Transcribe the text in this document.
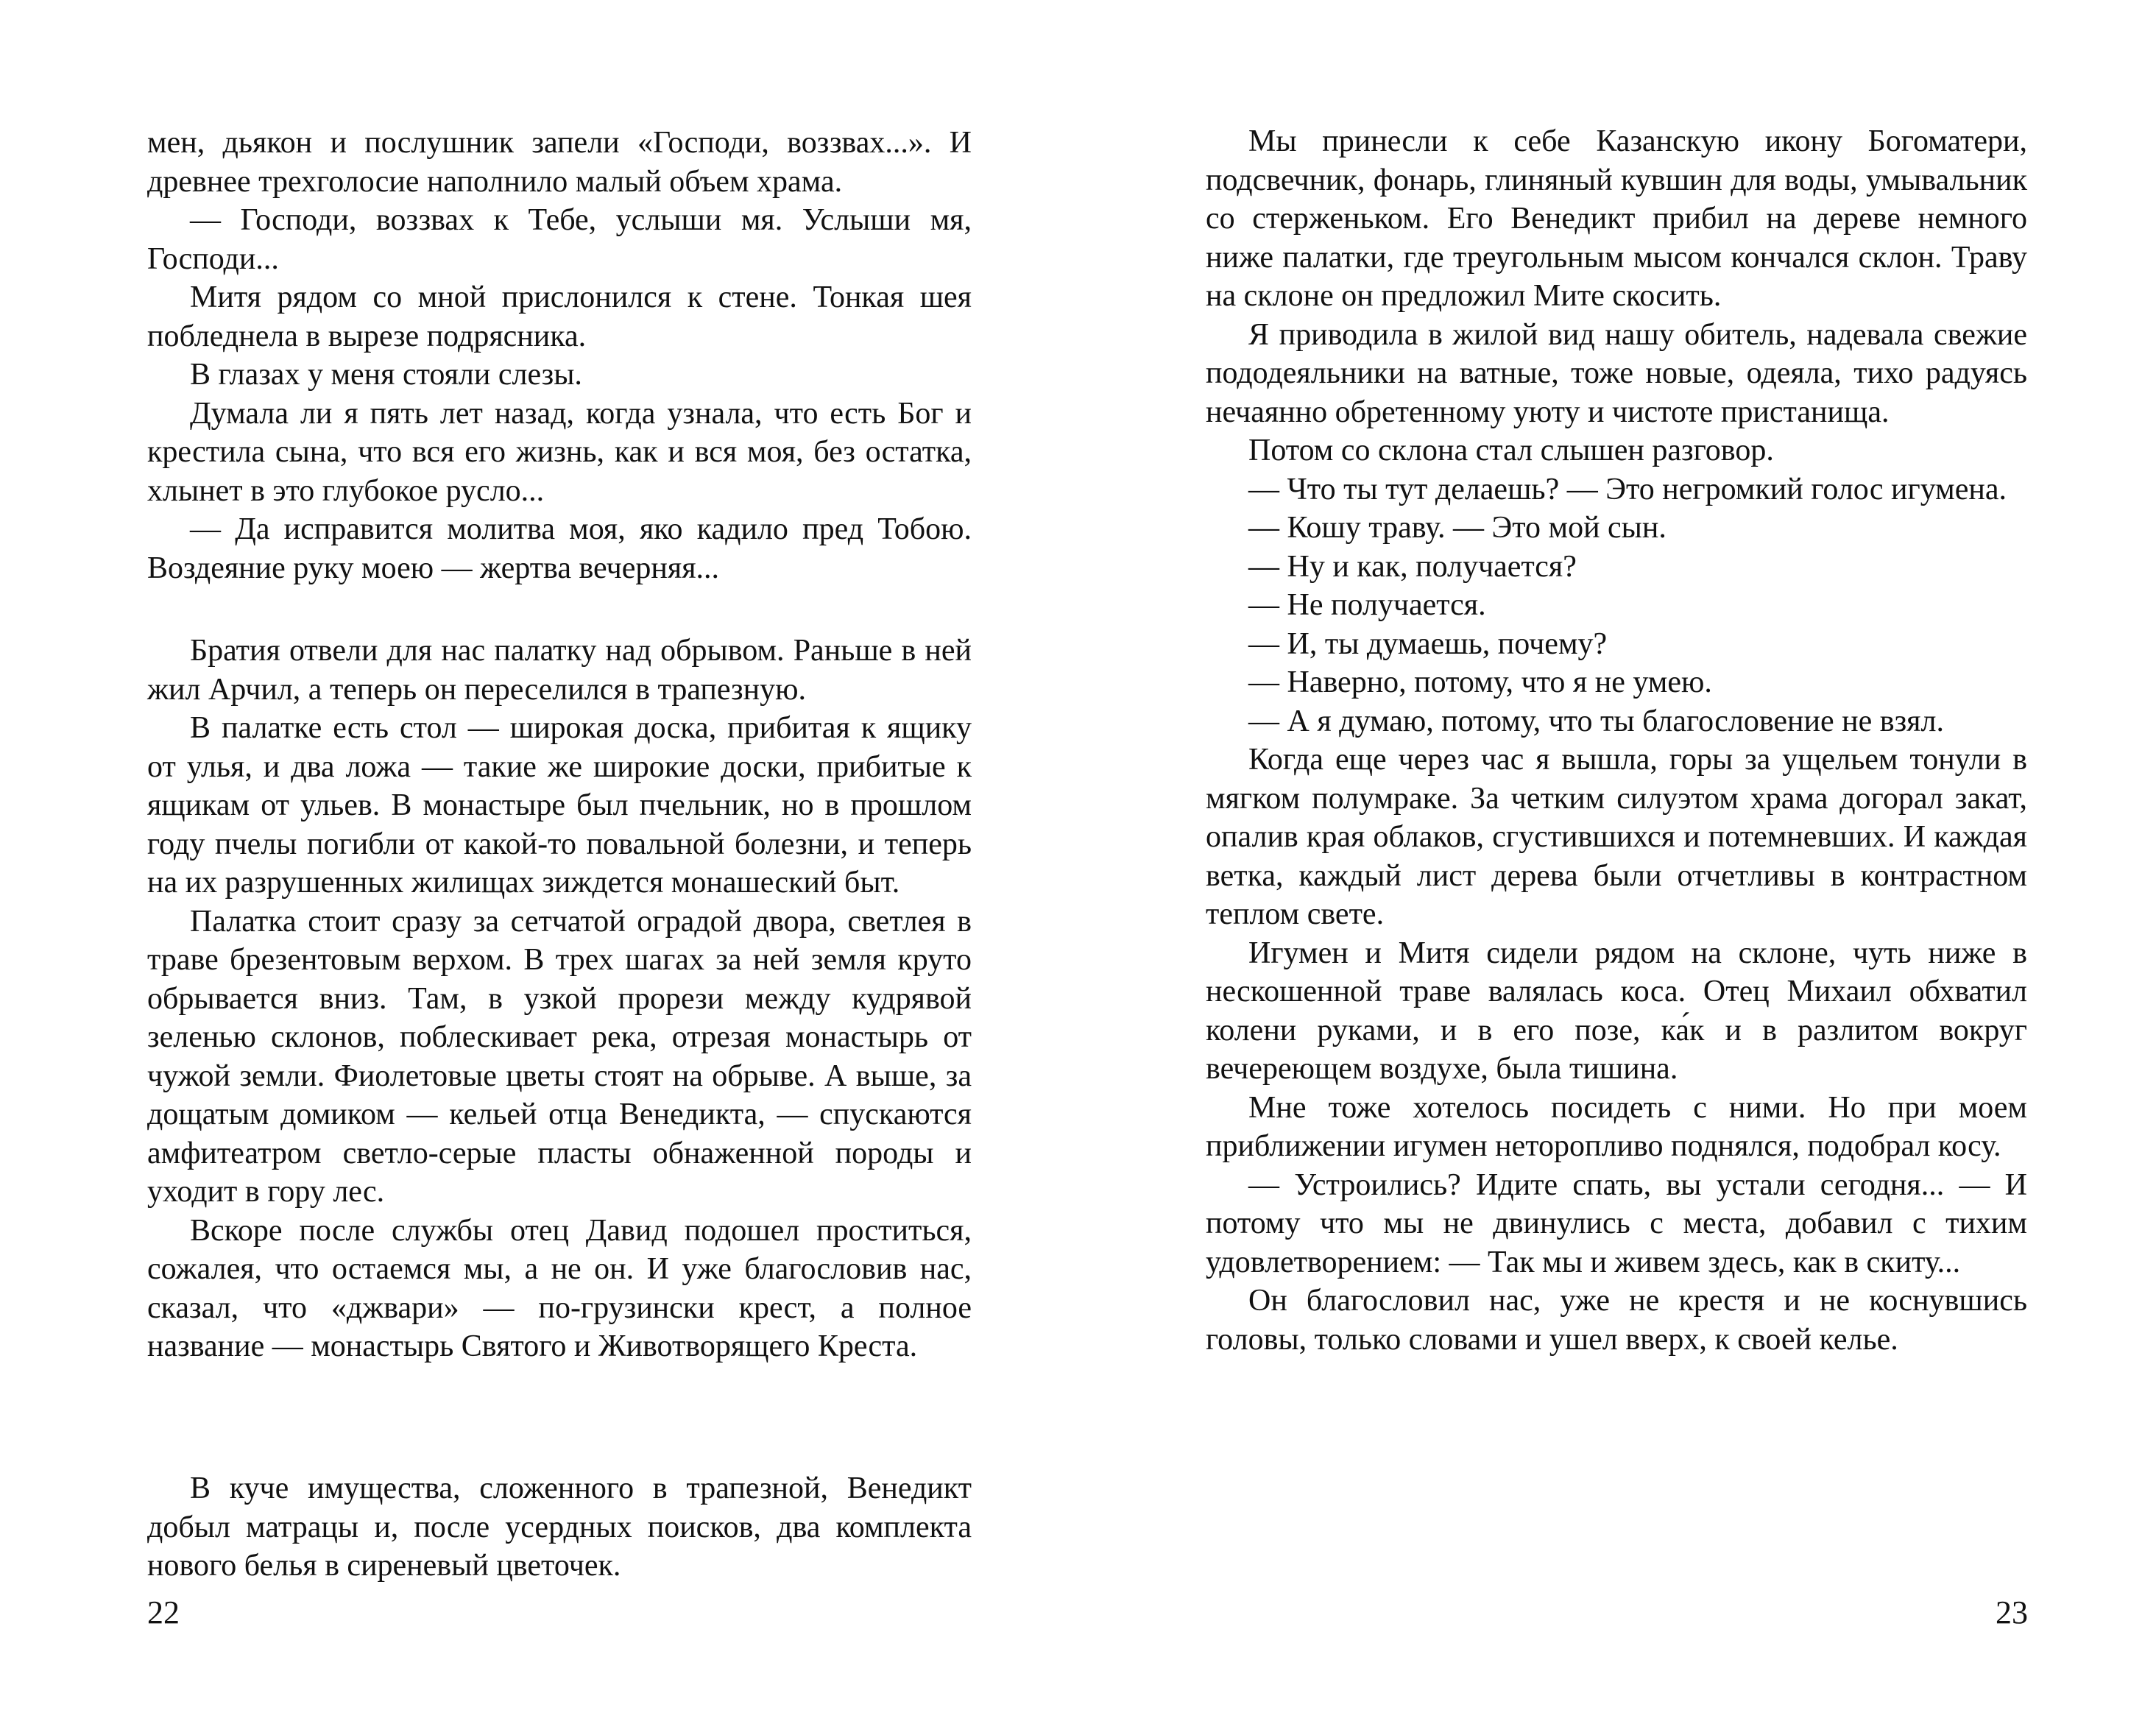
мен, дьякон и послушник запели «Господи, воззвах...». И древнее трехголосие наполнило малый объем храма.

— Господи, воззвах к Тебе, услыши мя. Услыши мя, Господи...

Митя рядом со мной прислонился к стене. Тонкая шея побледнела в вырезе подрясника.

В глазах у меня стояли слезы.

Думала ли я пять лет назад, когда узнала, что есть Бог и крестила сына, что вся его жизнь, как и вся моя, без остатка, хлынет в это глубокое русло...

— Да исправится молитва моя, яко кадило пред Тобою. Воздеяние руку моею — жертва вечерняя...

Братия отвели для нас палатку над обрывом. Раньше в ней жил Арчил, а теперь он переселился в трапезную.

В палатке есть стол — широкая доска, прибитая к ящику от улья, и два ложа — такие же широкие доски, прибитые к ящикам от ульев. В монастыре был пчельник, но в прошлом году пчелы погибли от какой-то повальной болезни, и теперь на их разрушенных жилищах зиждется монашеский быт.

Палатка стоит сразу за сетчатой оградой двора, светлея в траве брезентовым верхом. В трех шагах за ней земля круто обрывается вниз. Там, в узкой прорези между кудрявой зеленью склонов, поблескивает река, отрезая монастырь от чужой земли. Фиолетовые цветы стоят на обрыве. А выше, за дощатым домиком — кельей отца Венедикта, — спускаются амфитеатром светло-серые пласты обнаженной породы и уходит в гору лес.

Вскоре после службы отец Давид подошел проститься, сожалея, что остаемся мы, а не он. И уже благословив нас, сказал, что «джвари» — по-грузински крест, а полное название — монастырь Святого и Животворящего Креста.

В куче имущества, сложенного в трапезной, Венедикт добыл матрацы и, после усердных поисков, два комплекта нового белья в сиреневый цветочек.

22

Мы принесли к себе Казанскую икону Богоматери, подсвечник, фонарь, глиняный кувшин для воды, умывальник со стерженьком. Его Венедикт прибил на дереве немного ниже палатки, где треугольным мысом кончался склон. Траву на склоне он предложил Мите скосить.

Я приводила в жилой вид нашу обитель, надевала свежие пододеяльники на ватные, тоже новые, одеяла, тихо радуясь нечаянно обретенному уюту и чистоте пристанища.

Потом со склона стал слышен разговор.

— Что ты тут делаешь? — Это негромкий голос игумена.

— Кошу траву. — Это мой сын.

— Ну и как, получается?

— Не получается.

— И, ты думаешь, почему?

— Наверно, потому, что я не умею.

— А я думаю, потому, что ты благословение не взял.

Когда еще через час я вышла, горы за ущельем тонули в мягком полумраке. За четким силуэтом храма догорал закат, опалив края облаков, сгустившихся и потемневших. И каждая ветка, каждый лист дерева были отчетливы в контрастном теплом свете.

Игумен и Митя сидели рядом на склоне, чуть ниже в нескошенной траве валялась коса. Отец Михаил обхватил колени руками, и в его позе, ка́к и в разлитом вокруг вечереющем воздухе, была тишина.

Мне тоже хотелось посидеть с ними. Но при моем приближении игумен неторопливо поднялся, подобрал косу.

— Устроились? Идите спать, вы устали сегодня... — И потому что мы не двинулись с места, добавил с тихим удовлетворением: — Так мы и живем здесь, как в скиту...

Он благословил нас, уже не крестя и не коснувшись головы, только словами и ушел вверх, к своей келье.

23
